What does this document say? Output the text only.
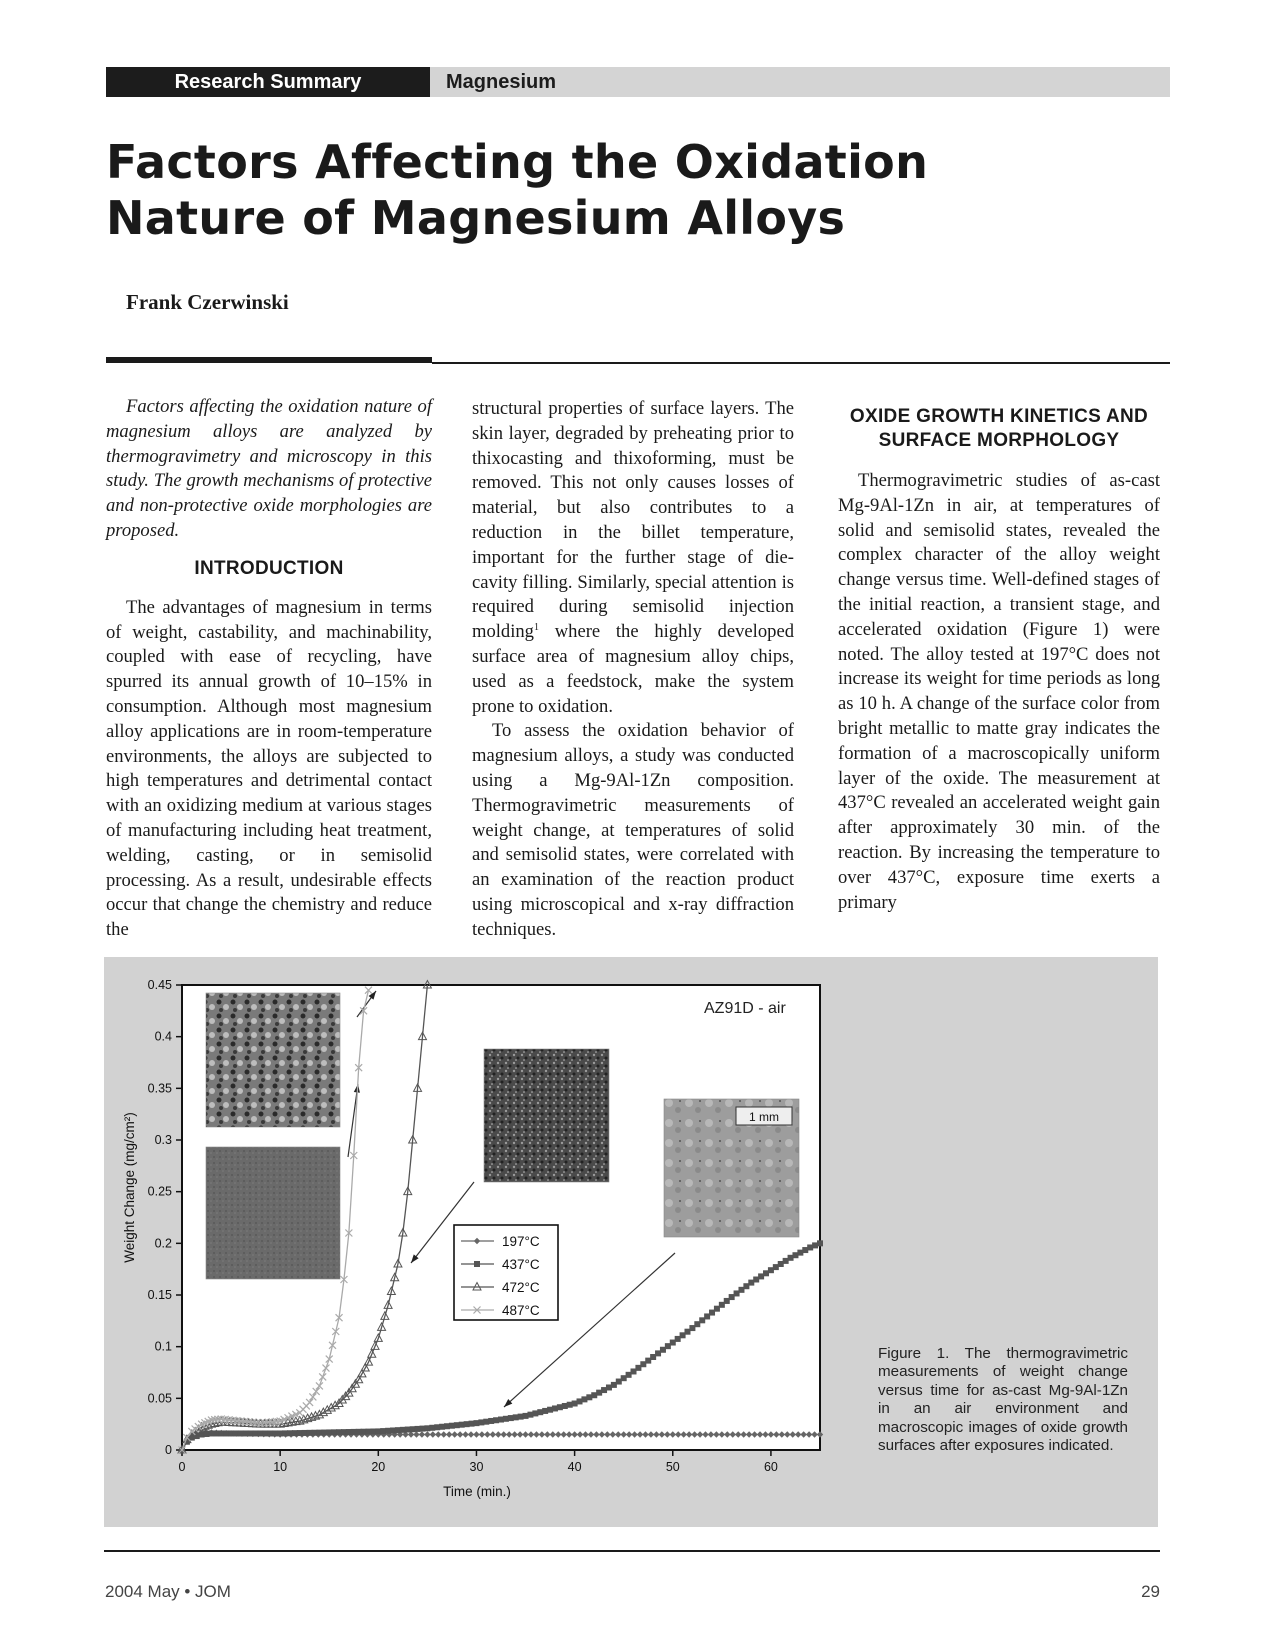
Research Summary	Magnesium
Factors Affecting the Oxidation Nature of Magnesium Alloys
Frank Czerwinski

Factors affecting the oxidation nature of magnesium alloys are analyzed by thermogravimetry and microscopy in this study. The growth mechanisms of protective and non-protective oxide morphologies are proposed.

INTRODUCTION

The advantages of magnesium in terms of weight, castability, and machinability, coupled with ease of recycling, have spurred its annual growth of 10–15% in consumption. Although most magnesium alloy applications are in room-temperature environments, the alloys are subjected to high temperatures and detrimental contact with an oxidizing medium at various stages of manufacturing including heat treatment, welding, casting, or in semisolid processing. As a result, undesirable effects occur that change the chemistry and reduce the

structural properties of surface layers. The skin layer, degraded by preheating prior to thixocasting and thixoforming, must be removed. This not only causes losses of material, but also contributes to a reduction in the billet temperature, important for the further stage of die-cavity filling. Similarly, special attention is required during semisolid injection molding$^1$ where the highly developed surface area of magnesium alloy chips, used as a feedstock, make the system prone to oxidation.

To assess the oxidation behavior of magnesium alloys, a study was conducted using a Mg-9Al-1Zn composition. Thermogravimetric measurements of weight change, at temperatures of solid and semisolid states, were correlated with an examination of the reaction product using microscopical and x-ray diffraction techniques.

OXIDE GROWTH KINETICS AND SURFACE MORPHOLOGY

Thermogravimetric studies of as-cast Mg-9Al-1Zn in air, at temperatures of solid and semisolid states, revealed the complex character of the alloy weight change versus time. Well-defined stages of the initial reaction, a transient stage, and accelerated oxidation (Figure 1) were noted. The alloy tested at 197°C does not increase its weight for time periods as long as 10 h. A change of the surface color from bright metallic to matte gray indicates the formation of a macroscopically uniform layer of the oxide. The measurement at 437°C revealed an accelerated weight gain after approximately 30 min. of the reaction. By increasing the temperature to over 437°C, exposure time exerts a primary

1 mm
AZ91D - air
0
0.05
0.1
0.15
0.2
0.25
0.3
0.35
0.4
0.45
0	10	20	30	40	50	60
Time (min.)
Weight Change (mg/cm²)	197°C
437°C
472°C
487°C
Figure 1. The thermogravimetric measurements of weight change versus time for as-cast Mg-9Al-1Zn in an air environment and macroscopic images of oxide growth surfaces after exposures indicated.
2004 May • JOM	29
